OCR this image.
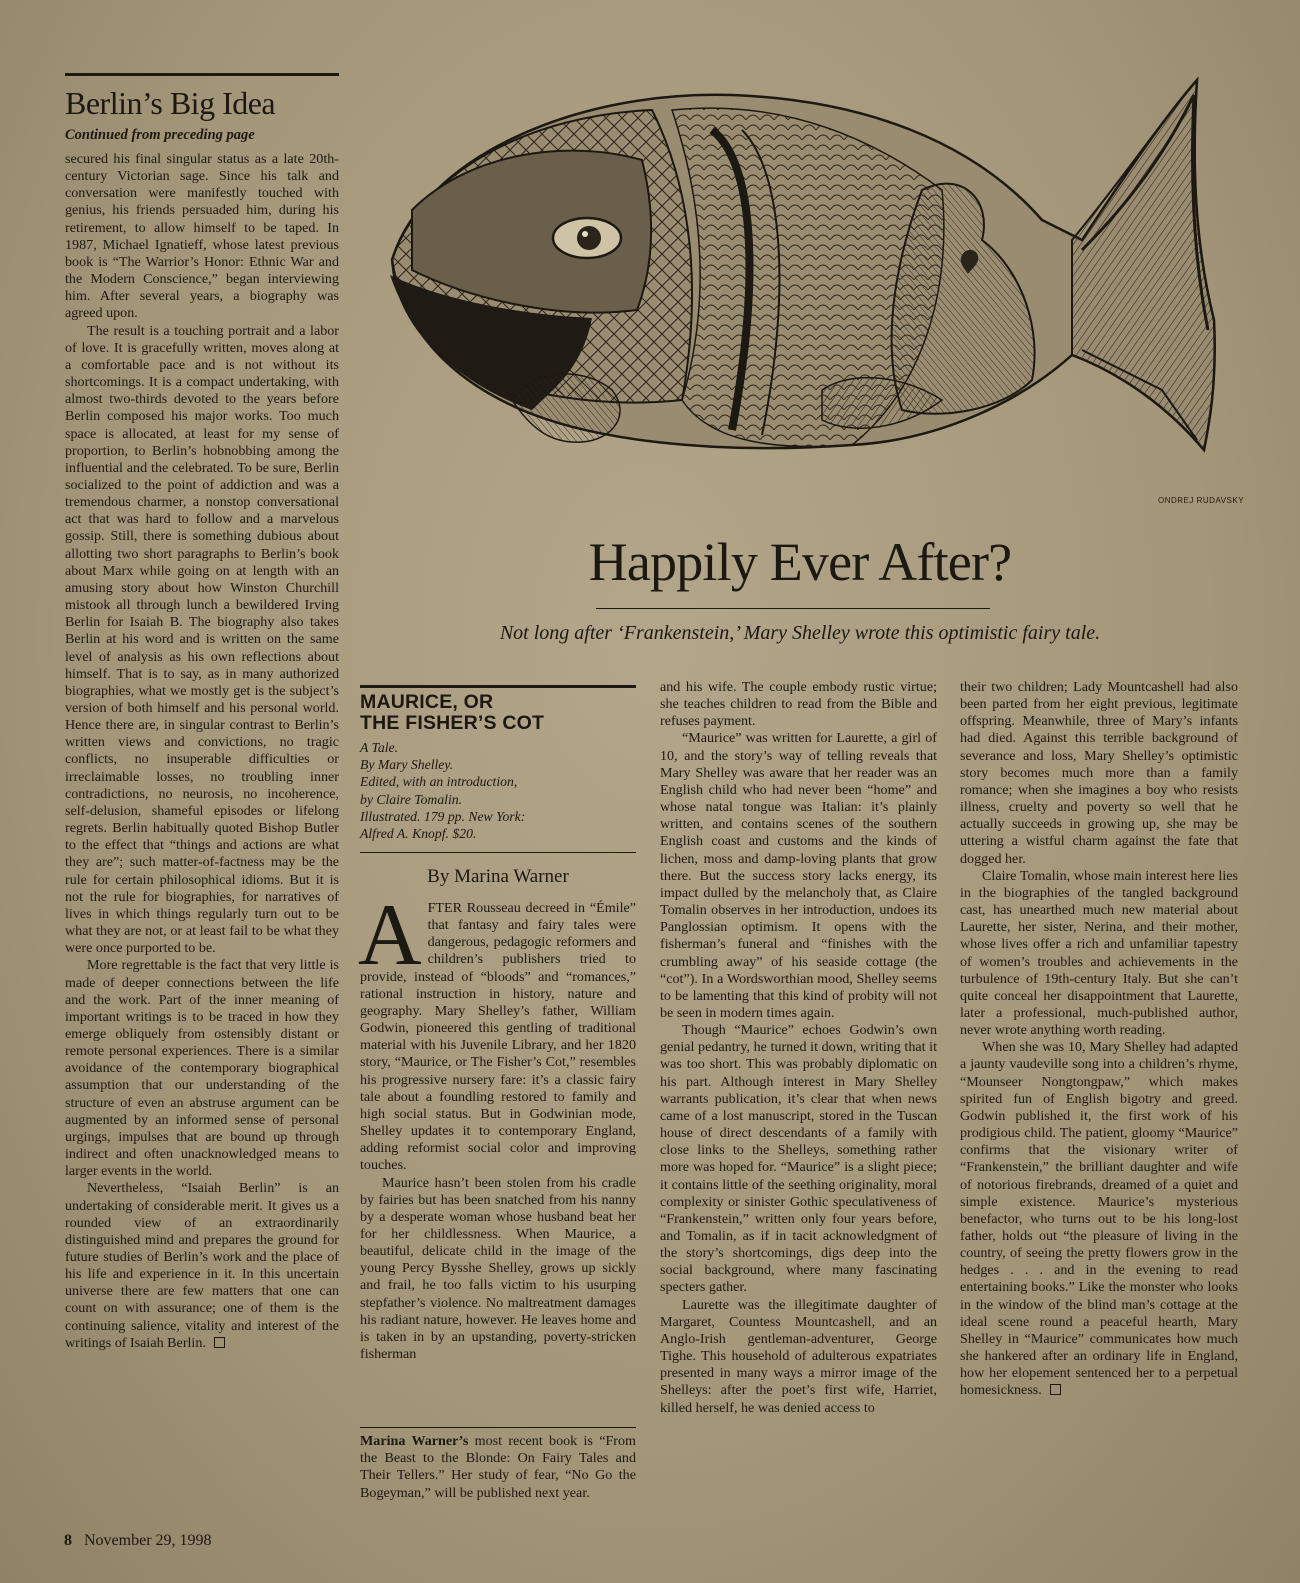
Berlin’s Big Idea
Continued from preceding page

secured his final singular status as a late 20th-century Victorian sage. Since his talk and conversation were manifestly touched with genius, his friends persuaded him, during his retirement, to allow himself to be taped. In 1987, Michael Ignatieff, whose latest previous book is “The Warrior’s Honor: Ethnic War and the Modern Conscience,” began interviewing him. After several years, a biography was agreed upon.

The result is a touching portrait and a labor of love. It is gracefully written, moves along at a comfortable pace and is not without its shortcomings. It is a compact undertaking, with almost two-thirds devoted to the years before Berlin composed his major works. Too much space is allocated, at least for my sense of proportion, to Berlin’s hobnobbing among the influential and the celebrated. To be sure, Berlin socialized to the point of addiction and was a tremendous charmer, a nonstop conversational act that was hard to follow and a marvelous gossip. Still, there is something dubious about allotting two short paragraphs to Berlin’s book about Marx while going on at length with an amusing story about how Winston Churchill mistook all through lunch a bewildered Irving Berlin for Isaiah B. The biography also takes Berlin at his word and is written on the same level of analysis as his own reflections about himself. That is to say, as in many authorized biographies, what we mostly get is the subject’s version of both himself and his personal world. Hence there are, in singular contrast to Berlin’s written views and convictions, no tragic conflicts, no insuperable difficulties or irreclaimable losses, no troubling inner contradictions, no neurosis, no incoherence, self-delusion, shameful episodes or lifelong regrets. Berlin habitually quoted Bishop Butler to the effect that “things and actions are what they are”; such matter-of-factness may be the rule for certain philosophical idioms. But it is not the rule for biographies, for narratives of lives in which things regularly turn out to be what they are not, or at least fail to be what they were once purported to be.

More regrettable is the fact that very little is made of deeper connections between the life and the work. Part of the inner meaning of important writings is to be traced in how they emerge obliquely from ostensibly distant or remote personal experiences. There is a similar avoidance of the contemporary biographical assumption that our understanding of the structure of even an abstruse argument can be augmented by an informed sense of personal urgings, impulses that are bound up through indirect and often unacknowledged means to larger events in the world.

Nevertheless, “Isaiah Berlin” is an undertaking of considerable merit. It gives us a rounded view of an extraordinarily distinguished mind and prepares the ground for future studies of Berlin’s work and the place of his life and experience in it. In this uncertain universe there are few matters that one can count on with assurance; one of them is the continuing salience, vitality and interest of the writings of Isaiah Berlin.

ONDREJ RUDAVSKY
Happily Ever After?
Not long after ‘Frankenstein,’ Mary Shelley wrote this optimistic fairy tale.
MAURICE, OR
THE FISHER’S COT
A Tale.
By Mary Shelley.
Edited, with an introduction,
by Claire Tomalin.
Illustrated. 179 pp. New York:
Alfred A. Knopf. $20.
By Marina Warner

AFTER Rousseau decreed in “Émile” that fantasy and fairy tales were dangerous, pedagogic reformers and children’s publishers tried to provide, instead of “bloods” and “romances,” rational instruction in history, nature and geography. Mary Shelley’s father, William Godwin, pioneered this gentling of traditional material with his Juvenile Library, and her 1820 story, “Maurice, or The Fisher’s Cot,” resembles his progressive nursery fare: it’s a classic fairy tale about a foundling restored to family and high social status. But in Godwinian mode, Shelley updates it to contemporary England, adding reformist social color and improving touches.

Maurice hasn’t been stolen from his cradle by fairies but has been snatched from his nanny by a desperate woman whose husband beat her for her childlessness. When Maurice, a beautiful, delicate child in the image of the young Percy Bysshe Shelley, grows up sickly and frail, he too falls victim to his usurping stepfather’s violence. No maltreatment damages his radiant nature, however. He leaves home and is taken in by an upstanding, poverty-stricken fisherman

Marina Warner’s most recent book is “From the Beast to the Blonde: On Fairy Tales and Their Tellers.” Her study of fear, “No Go the Bogeyman,” will be published next year.

and his wife. The couple embody rustic virtue; she teaches children to read from the Bible and refuses payment.

“Maurice” was written for Laurette, a girl of 10, and the story’s way of telling reveals that Mary Shelley was aware that her reader was an English child who had never been “home” and whose natal tongue was Italian: it’s plainly written, and contains scenes of the southern English coast and customs and the kinds of lichen, moss and damp-loving plants that grow there. But the success story lacks energy, its impact dulled by the melancholy that, as Claire Tomalin observes in her introduction, undoes its Panglossian optimism. It opens with the fisherman’s funeral and “finishes with the crumbling away” of his seaside cottage (the “cot”). In a Wordsworthian mood, Shelley seems to be lamenting that this kind of probity will not be seen in modern times again.

Though “Maurice” echoes Godwin’s own genial pedantry, he turned it down, writing that it was too short. This was probably diplomatic on his part. Although interest in Mary Shelley warrants publication, it’s clear that when news came of a lost manuscript, stored in the Tuscan house of direct descendants of a family with close links to the Shelleys, something rather more was hoped for. “Maurice” is a slight piece; it contains little of the seething originality, moral complexity or sinister Gothic speculativeness of “Frankenstein,” written only four years before, and Tomalin, as if in tacit acknowledgment of the story’s shortcomings, digs deep into the social background, where many fascinating specters gather.

Laurette was the illegitimate daughter of Margaret, Countess Mountcashell, and an Anglo-Irish gentleman-adventurer, George Tighe. This household of adulterous expatriates presented in many ways a mirror image of the Shelleys: after the poet’s first wife, Harriet, killed herself, he was denied access to

their two children; Lady Mountcashell had also been parted from her eight previous, legitimate offspring. Meanwhile, three of Mary’s infants had died. Against this terrible background of severance and loss, Mary Shelley’s optimistic story becomes much more than a family romance; when she imagines a boy who resists illness, cruelty and poverty so well that he actually succeeds in growing up, she may be uttering a wistful charm against the fate that dogged her.

Claire Tomalin, whose main interest here lies in the biographies of the tangled background cast, has unearthed much new material about Laurette, her sister, Nerina, and their mother, whose lives offer a rich and unfamiliar tapestry of women’s troubles and achievements in the turbulence of 19th-century Italy. But she can’t quite conceal her disappointment that Laurette, later a professional, much-published author, never wrote anything worth reading.

When she was 10, Mary Shelley had adapted a jaunty vaudeville song into a children’s rhyme, “Mounseer Nongtongpaw,” which makes spirited fun of English bigotry and greed. Godwin published it, the first work of his prodigious child. The patient, gloomy “Maurice” confirms that the visionary writer of “Frankenstein,” the brilliant daughter and wife of notorious firebrands, dreamed of a quiet and simple existence. Maurice’s mysterious benefactor, who turns out to be his long-lost father, holds out “the pleasure of living in the country, of seeing the pretty flowers grow in the hedges . . . and in the evening to read entertaining books.” Like the monster who looks in the window of the blind man’s cottage at the ideal scene round a peaceful hearth, Mary Shelley in “Maurice” communicates how much she hankered after an ordinary life in England, how her elopement sentenced her to a perpetual homesickness.

8 November 29, 1998
